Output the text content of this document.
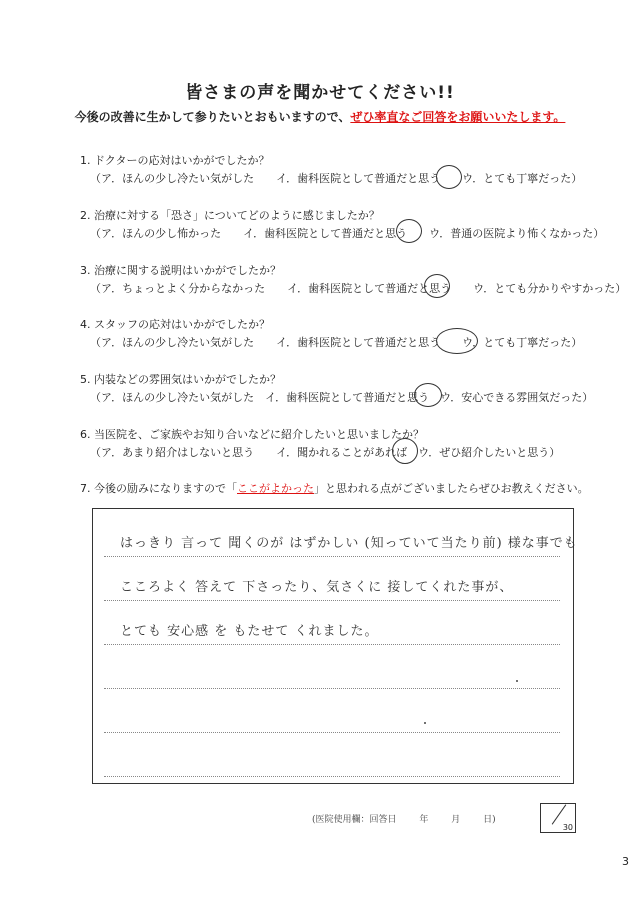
皆さまの声を聞かせてください!!
今後の改善に生かして参りたいとおもいますので、ぜひ率直なご回答をお願いいたします。
1. ドクターの応対はいかがでしたか？
（ア．ほんの少し冷たい気がした　　イ．歯科医院として普通だと思う　　ウ．とても丁寧だった）
2. 治療に対する「恐さ」についてどのように感じましたか？
（ア．ほんの少し怖かった　　イ．歯科医院として普通だと思う　　ウ．普通の医院より怖くなかった）
3. 治療に関する説明はいかがでしたか？
（ア．ちょっとよく分からなかった　　イ．歯科医院として普通だと思う　　ウ．とても分かりやすかった）
4. スタッフの応対はいかがでしたか？
（ア．ほんの少し冷たい気がした　　イ．歯科医院として普通だと思う　　ウ．とても丁寧だった）
5. 内装などの雰囲気はいかがでしたか？
（ア．ほんの少し冷たい気がした　イ．歯科医院として普通だと思う　ウ．安心できる雰囲気だった）
6. 当医院を、ご家族やお知り合いなどに紹介したいと思いましたか？
（ア．あまり紹介はしないと思う　　イ．聞かれることがあれば　ウ．ぜひ紹介したいと思う）
7. 今後の励みになりますので「ここがよかった」と思われる点がございましたらぜひお教えください。
はっきり 言って 聞くのが はずかしい (知っていて当たり前) 様な事でも
こころよく 答えて 下さったり、気さくに 接してくれた事が、
とても 安心感 を もたせて くれました。
(医院使用欄：回答日	年	月	日)
30
3
